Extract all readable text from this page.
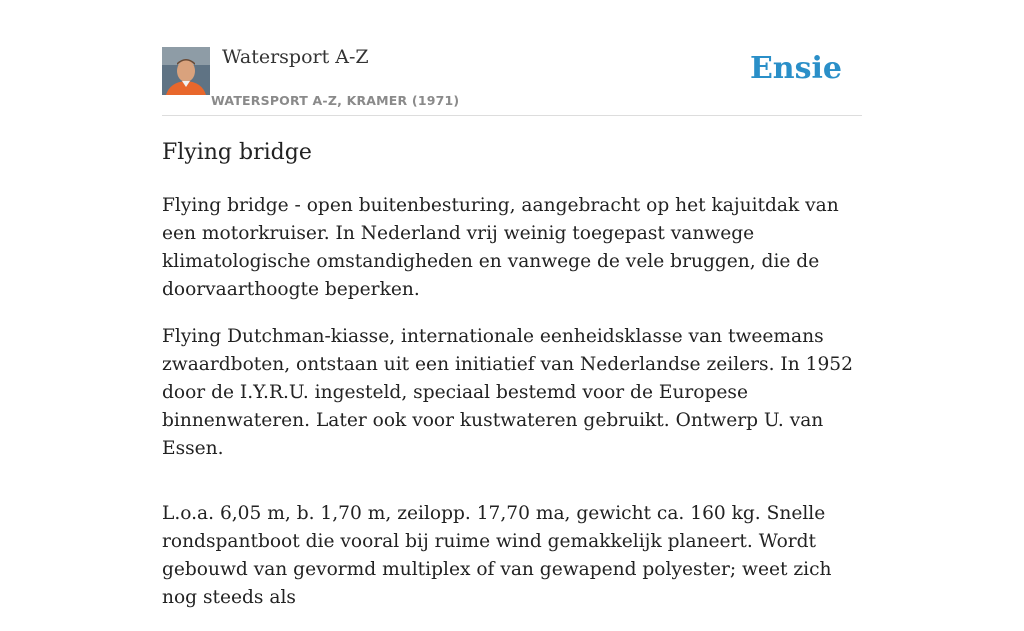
Watersport A-Z
WATERSPORT A-Z, KRAMER (1971)
Ensie
Flying bridge

Flying bridge - open buitenbesturing, aangebracht op het kajuitdak van een motorkruiser. In Nederland vrij weinig toegepast vanwege klimatologische omstandigheden en vanwege de vele bruggen, die de doorvaarthoogte beperken.

Flying Dutchman-kiasse, internationale eenheidsklasse van tweemans zwaardboten, ontstaan uit een initiatief van Nederlandse zeilers. In 1952 door de I.Y.R.U. ingesteld, speciaal bestemd voor de Europese binnenwateren. Later ook voor kustwateren gebruikt. Ontwerp U. van Essen.

L.o.a. 6,05 m, b. 1,70 m, zeilopp. 17,70 ma, gewicht ca. 160 kg. Snelle rondspantboot die vooral bij ruime wind gemakkelijk planeert. Wordt gebouwd van gevormd multiplex of van gewapend polyester; weet zich nog steeds als
